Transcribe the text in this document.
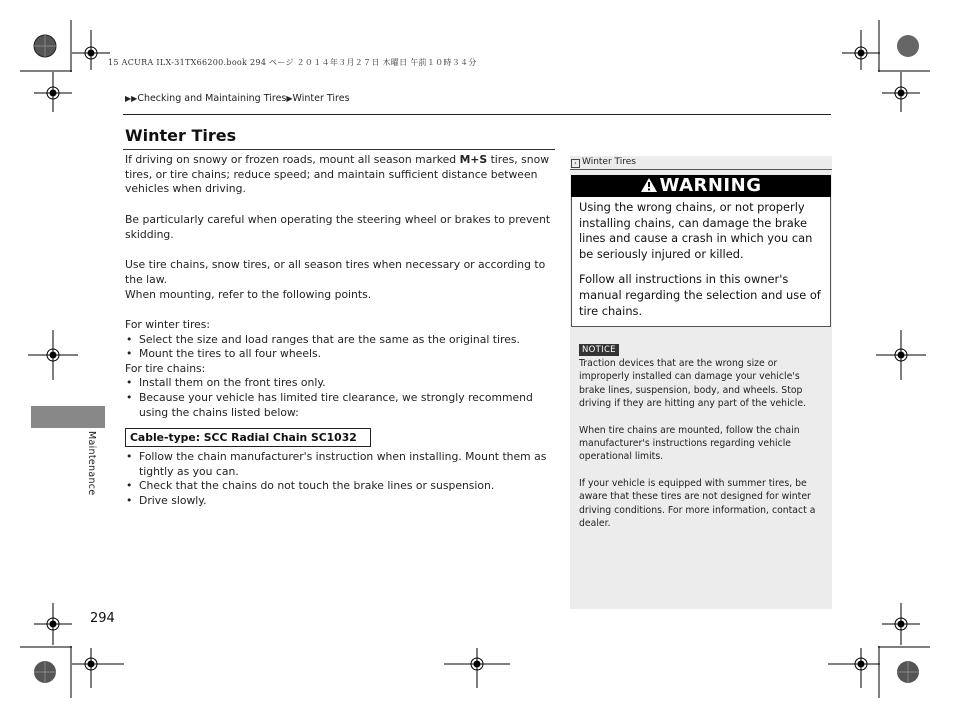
15 ACURA ILX-31TX66200.book 294 ページ ２０１４年３月２７日 木曜日 午前１０時３４分
▶▶Checking and Maintaining Tires▶Winter Tires
Winter Tires

If driving on snowy or frozen roads, mount all season marked M+S tires, snow tires, or tire chains; reduce speed; and maintain sufficient distance between vehicles when driving.

Be particularly careful when operating the steering wheel or brakes to prevent skidding.

Use tire chains, snow tires, or all season tires when necessary or according to the law.

When mounting, refer to the following points.

For winter tires:

• Select the size and load ranges that are the same as the original tires.
• Mount the tires to all four wheels.

For tire chains:

• Install them on the front tires only.
• Because your vehicle has limited tire clearance, we strongly recommend using the chains listed below:
Cable-type: SCC Radial Chain SC1032
• Follow the chain manufacturer's instruction when installing. Mount them as tightly as you can.
• Check that the chains do not touch the brake lines or suspension.
• Drive slowly.
Maintenance
294
› Winter Tires
WARNING

Using the wrong chains, or not properly installing chains, can damage the brake lines and cause a crash in which you can be seriously injured or killed.

Follow all instructions in this owner's manual regarding the selection and use of tire chains.

NOTICE

Traction devices that are the wrong size or improperly installed can damage your vehicle's brake lines, suspension, body, and wheels. Stop driving if they are hitting any part of the vehicle.

When tire chains are mounted, follow the chain manufacturer's instructions regarding vehicle operational limits.

If your vehicle is equipped with summer tires, be aware that these tires are not designed for winter driving conditions. For more information, contact a dealer.
